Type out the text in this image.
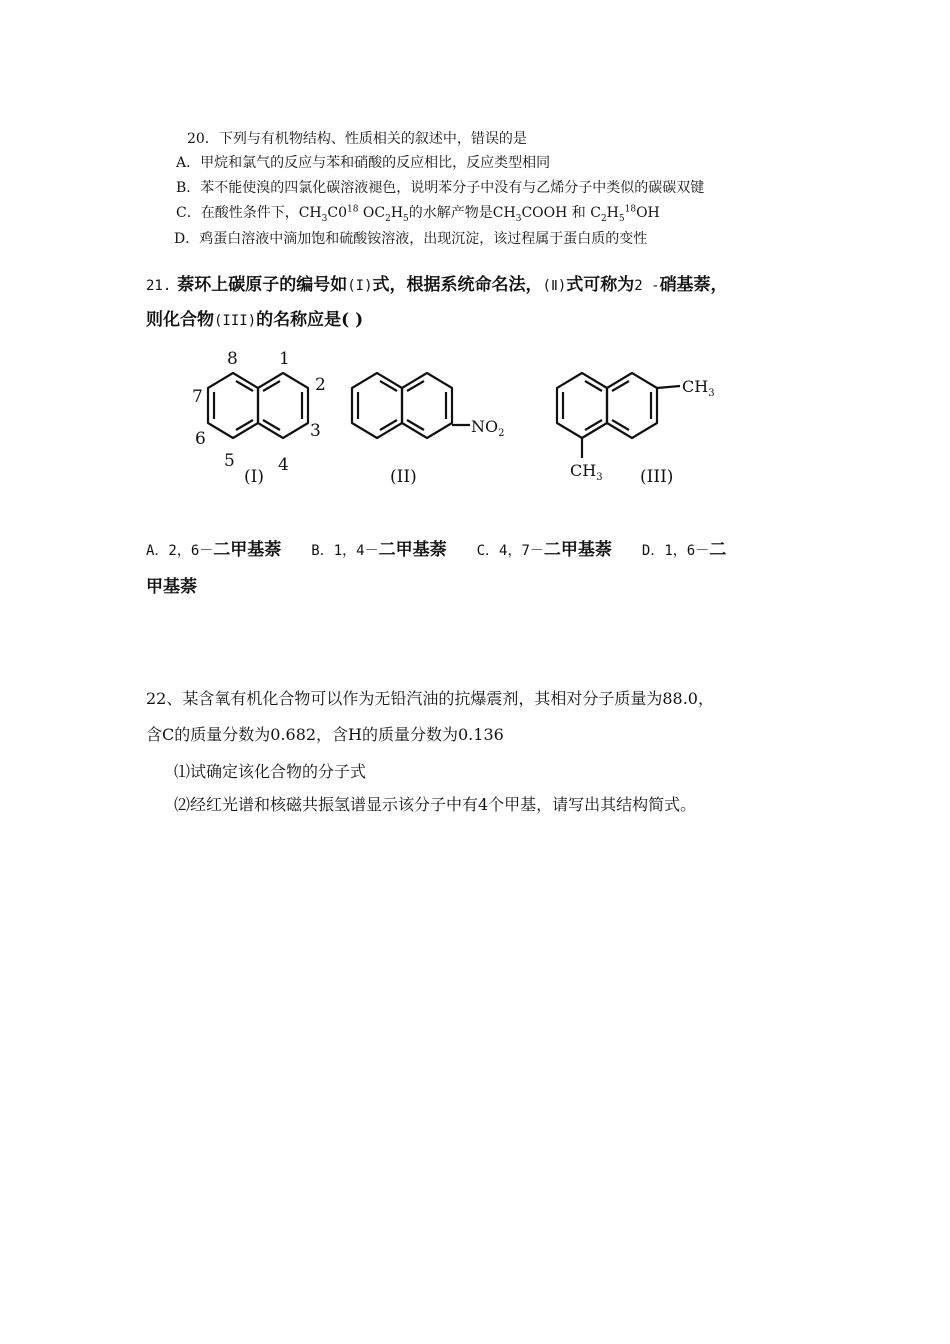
20．下列与有机物结构、性质相关的叙述中，错误的是
A．甲烷和氯气的反应与苯和硝酸的反应相比，反应类型相同
B．苯不能使溴的四氯化碳溶液褪色，说明苯分子中没有与乙烯分子中类似的碳碳双键
C．在酸性条件下，$CH_3C0^{18}$ $OC_2H_5$的水解产物是$CH_3COOH$ 和 $C_2H_5^{18}OH$
D．鸡蛋白溶液中滴加饱和硫酸铵溶液，出现沉淀，该过程属于蛋白质的变性
21. 萘环上碳原子的编号如(I)式，根据系统命名法，(Ⅱ)式可称为2 -硝基萘，
则化合物(III)的名称应是( )
8 1
2
7
3
6
5	4
(I)	(II)	(III)
$NO_2$
$CH_3$
$CH_3$
A．2，6－二甲基萘 B．1，4－二甲基萘 C．4，7－二甲基萘 D．1，6－二
甲基萘
22、某含氧有机化合物可以作为无铅汽油的抗爆震剂，其相对分子质量为88.0，
含C的质量分数为0.682，含H的质量分数为0.136
⑴试确定该化合物的分子式
⑵经红光谱和核磁共振氢谱显示该分子中有4个甲基，请写出其结构简式。
